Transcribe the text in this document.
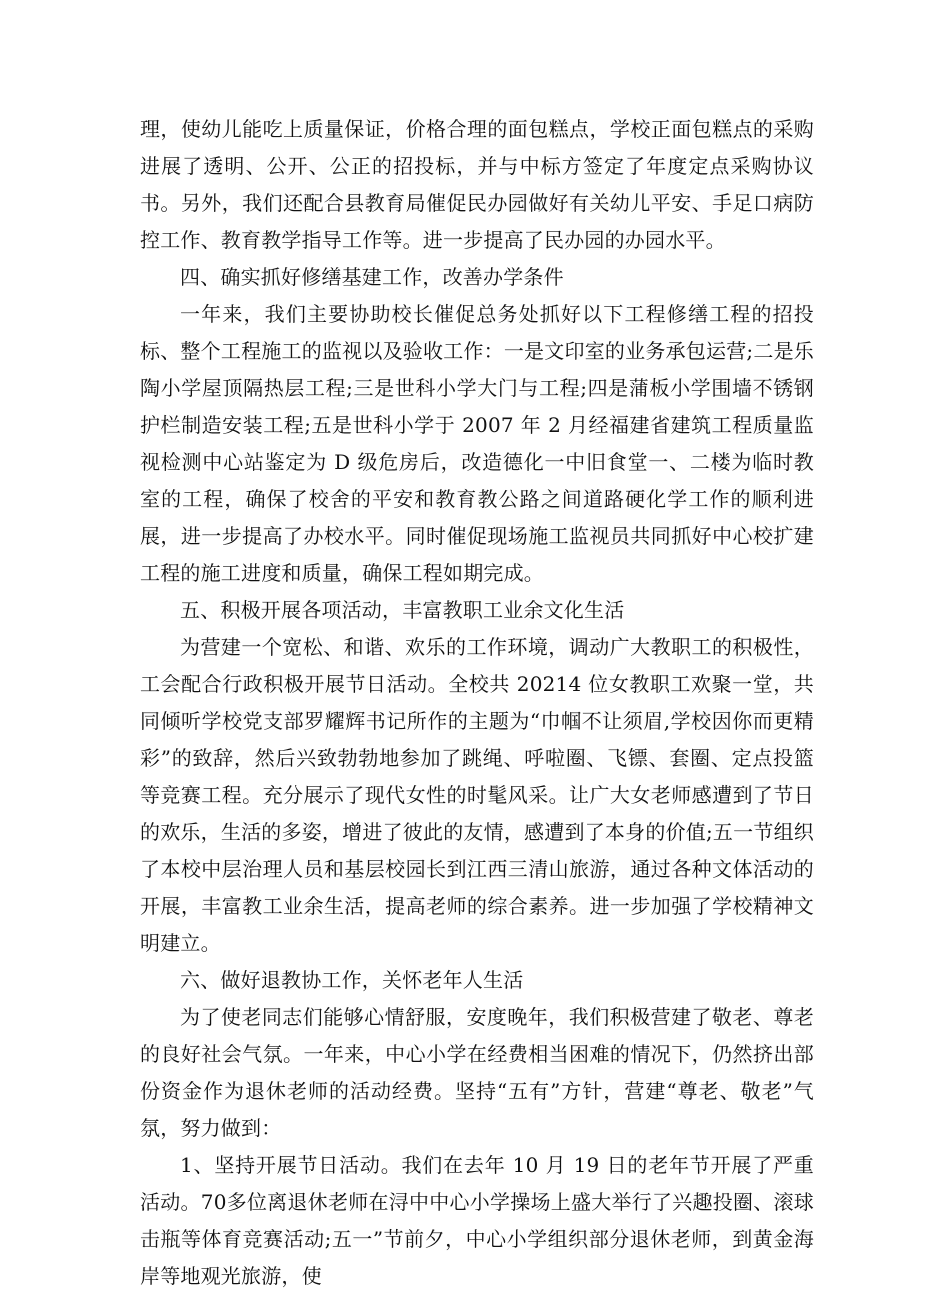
理，使幼儿能吃上质量保证，价格合理的面包糕点，学校正面包糕点的采购进展了透明、公开、公正的招投标，并与中标方签定了年度定点采购协议书。另外，我们还配合县教育局催促民办园做好有关幼儿平安、手足口病防控工作、教育教学指导工作等。进一步提高了民办园的办园水平。

四、确实抓好修缮基建工作，改善办学条件

一年来，我们主要协助校长催促总务处抓好以下工程修缮工程的招投标、整个工程施工的监视以及验收工作：一是文印室的业务承包运营;二是乐陶小学屋顶隔热层工程;三是世科小学大门与工程;四是蒲板小学围墙不锈钢护栏制造安装工程;五是世科小学于 2007 年 2 月经福建省建筑工程质量监视检测中心站鉴定为 D 级危房后，改造德化一中旧食堂一、二楼为临时教室的工程，确保了校舍的平安和教育教公路之间道路硬化学工作的顺利进展，进一步提高了办校水平。同时催促现场施工监视员共同抓好中心校扩建工程的施工进度和质量，确保工程如期完成。

五、积极开展各项活动，丰富教职工业余文化生活

为营建一个宽松、和谐、欢乐的工作环境，调动广大教职工的积极性，工会配合行政积极开展节日活动。全校共 20214 位女教职工欢聚一堂，共同倾听学校党支部罗耀辉书记所作的主题为“巾帼不让须眉,学校因你而更精彩”的致辞，然后兴致勃勃地参加了跳绳、呼啦圈、飞镖、套圈、定点投篮等竞赛工程。充分展示了现代女性的时髦风采。让广大女老师感遭到了节日的欢乐，生活的多姿，增进了彼此的友情，感遭到了本身的价值;五一节组织了本校中层治理人员和基层校园长到江西三清山旅游，通过各种文体活动的开展，丰富教工业余生活，提高老师的综合素养。进一步加强了学校精神文明建立。

六、做好退教协工作，关怀老年人生活

为了使老同志们能够心情舒服，安度晚年，我们积极营建了敬老、尊老的良好社会气氛。一年来，中心小学在经费相当困难的情况下，仍然挤出部份资金作为退休老师的活动经费。坚持“五有”方针，营建“尊老、敬老”气氛，努力做到：

1、坚持开展节日活动。我们在去年 10 月 19 日的老年节开展了严重活动。70多位离退休老师在浔中中心小学操场上盛大举行了兴趣投圈、滚球击瓶等体育竞赛活动;五一”节前夕，中心小学组织部分退休老师，到黄金海岸等地观光旅游，使
